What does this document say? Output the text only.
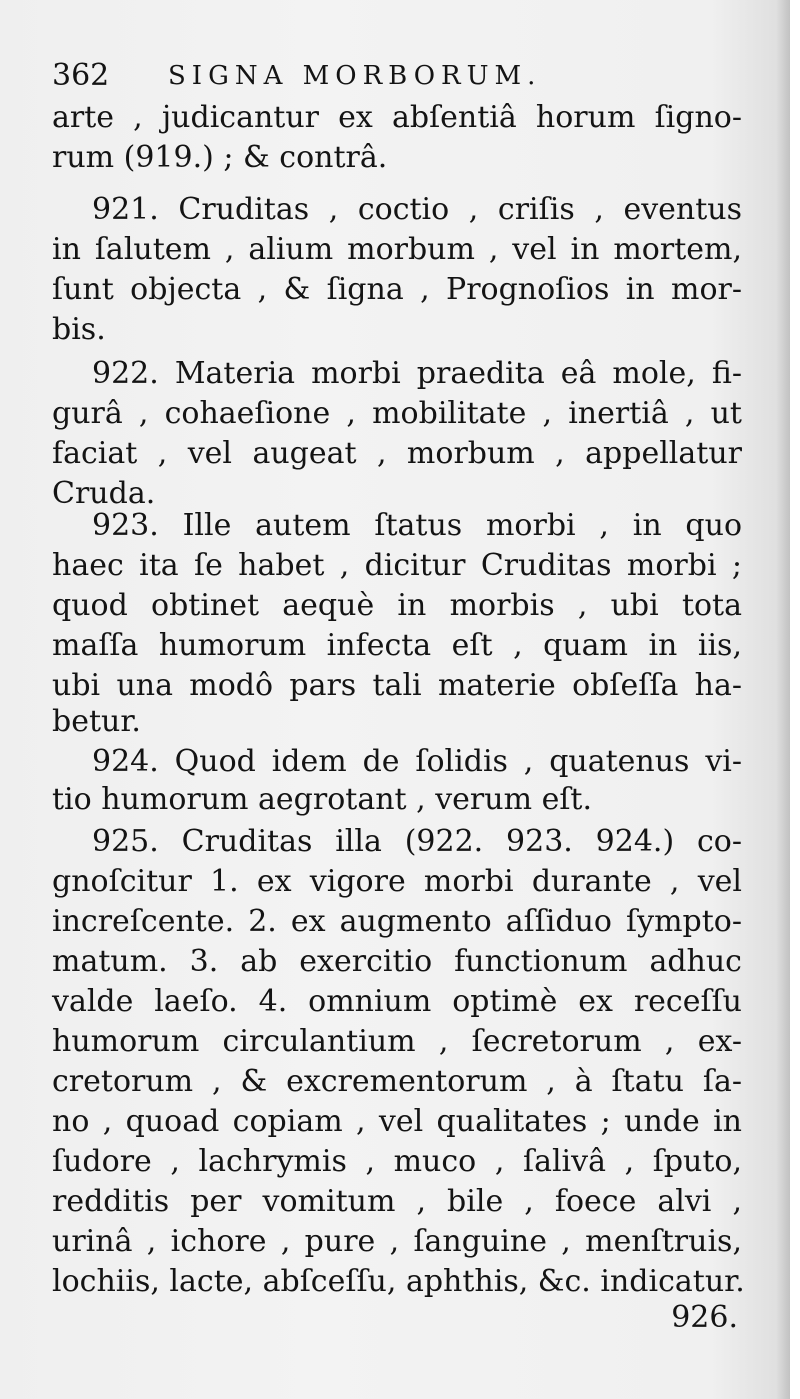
362 SIGNA MORBORUM.
arte , judicantur ex abſentiâ horum ſigno-
rum (919.) ; & contrâ.
921. Cruditas , coctio , criſis , eventus
in ſalutem , alium morbum , vel in mortem,
ſunt objecta , & ſigna , Prognoſios in mor-
bis.
922. Materia morbi praedita eâ mole, fi-
gurâ , cohaeſione , mobilitate , inertiâ , ut
faciat , vel augeat , morbum , appellatur
Cruda.
923. Ille autem ſtatus morbi , in quo
haec ita ſe habet , dicitur Cruditas morbi ;
quod obtinet aequè in morbis , ubi tota
maſſa humorum infecta eſt , quam in iis,
ubi una modô pars tali materie obſeſſa ha-
betur.
924. Quod idem de ſolidis , quatenus vi-
tio humorum aegrotant , verum eſt.
925. Cruditas illa (922. 923. 924.) co-
gnoſcitur 1. ex vigore morbi durante , vel
increſcente. 2. ex augmento aſſiduo ſympto-
matum. 3. ab exercitio functionum adhuc
valde laeſo. 4. omnium optimè ex receſſu
humorum circulantium , ſecretorum , ex-
cretorum , & excrementorum , à ſtatu ſa-
no , quoad copiam , vel qualitates ; unde in
ſudore , lachrymis , muco , ſalivâ , ſputo,
redditis per vomitum , bile , foece alvi ,
urinâ , ichore , pure , ſanguine , menſtruis,
lochiis, lacte, abſceſſu, aphthis, &c. indicatur.
926.
